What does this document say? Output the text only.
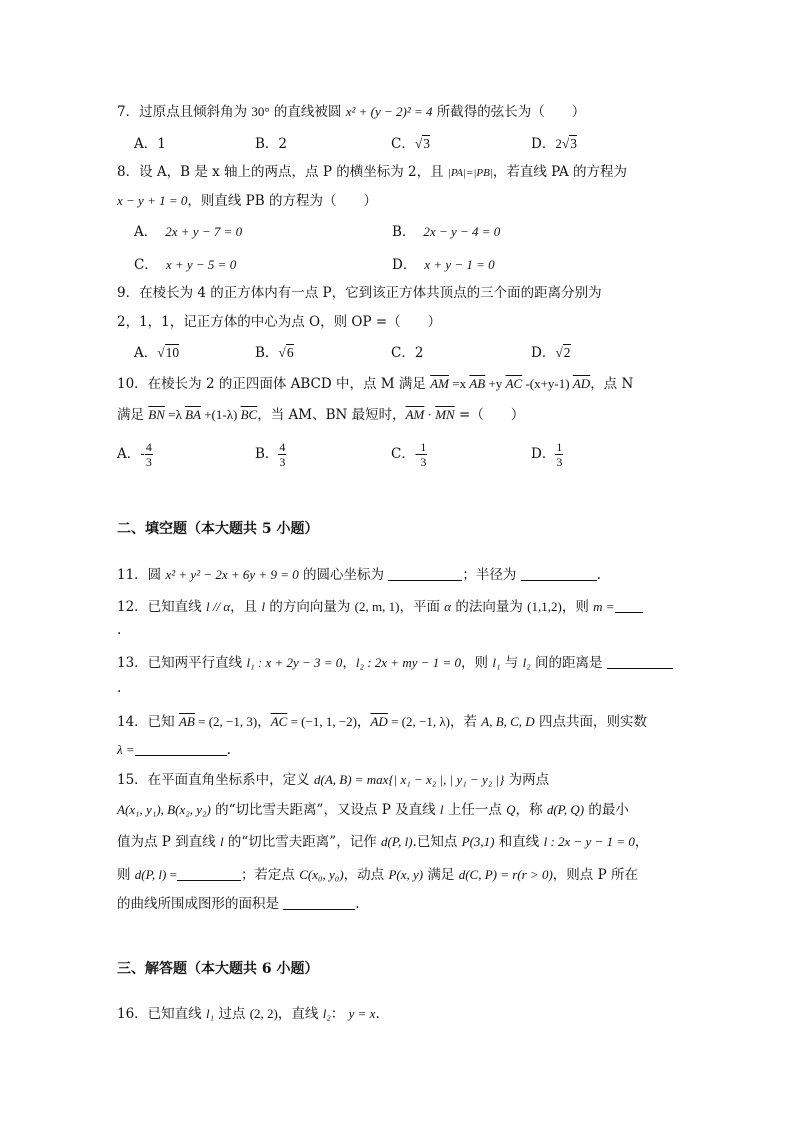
7．过原点且倾斜角为 30° 的直线被圆 x² + (y − 2)² = 4 所截得的弦长为（　　）
A．1	B．2	C．√3	D．2√3
8．设 A，B 是 x 轴上的两点，点 P 的横坐标为 2，且 |PA|=|PB|，若直线 PA 的方程为
x − y + 1 = 0，则直线 PB 的方程为（　　）
A． 2x + y − 7 = 0	B． 2x − y − 4 = 0
C． x + y − 5 = 0	D． x + y − 1 = 0
9．在棱长为 4 的正方体内有一点 P，它到该正方体共顶点的三个面的距离分别为
2，1，1，记正方体的中心为点 O，则 OP =（　　）
A．√10	B．√6	C．2	D．√2
10．在棱长为 2 的正四面体 ABCD 中，点 M 满足 $\overline{AM} =x$ $\overline{AB} +y$ $\overline{AC}$ -(x+y-1) $\overline{AD}$，点 N
满足 $\overline{BN} =\lambda$ $\overline{BA} +(1-\lambda)$ $\overline{BC}$，当 AM、BN 最短时，$\overline{AM} \cdot \overline{MN}$ =（　　）
A．- $\frac{4}{3}$	B． $\frac{4}{3}$	C．- $\frac{1}{3}$	D． $\frac{1}{3}$
二、填空题（本大题共 5 小题）
11．圆 x² + y² − 2x + 6y + 9 = 0 的圆心坐标为	；半径为	.
12．已知直线 l // α，且 l 的方向向量为 (2, m, 1)，平面 α 的法向量为 (1,1,2)，则 m =
.
13．已知两平行直线 l₁ : x + 2y − 3 = 0，l₂ : 2x + my − 1 = 0，则 l₁ 与 l₂ 间的距离是
.
14．已知 $\overline{AB} = (2$, −1, 3)，$\overline{AC} = (-1$, 1, −2)，$\overline{AD} = (2$, −1, λ)，若 A, B, C, D 四点共面，则实数
λ =	.
15．在平面直角坐标系中，定义 d(A, B) = max{| x₁ − x₂ |, | y₁ − y₂ |} 为两点
A(x₁, y₁), B(x₂, y₂) 的“切比雪夫距离”，又设点 P 及直线 l 上任一点 Q，称 d(P, Q) 的最小
值为点 P 到直线 l 的“切比雪夫距离”，记作 d(P, l).已知点 P(3,1) 和直线 l : 2x − y − 1 = 0，
则 d(P, l) =	；若定点 C(x₀, y₀)，动点 P(x, y) 满足 d(C, P) = r(r > 0)，则点 P 所在
的曲线所围成图形的面积是	.
三、解答题（本大题共 6 小题）
16．已知直线 l₁ 过点 (2, 2)，直线 l₂： y = x.
